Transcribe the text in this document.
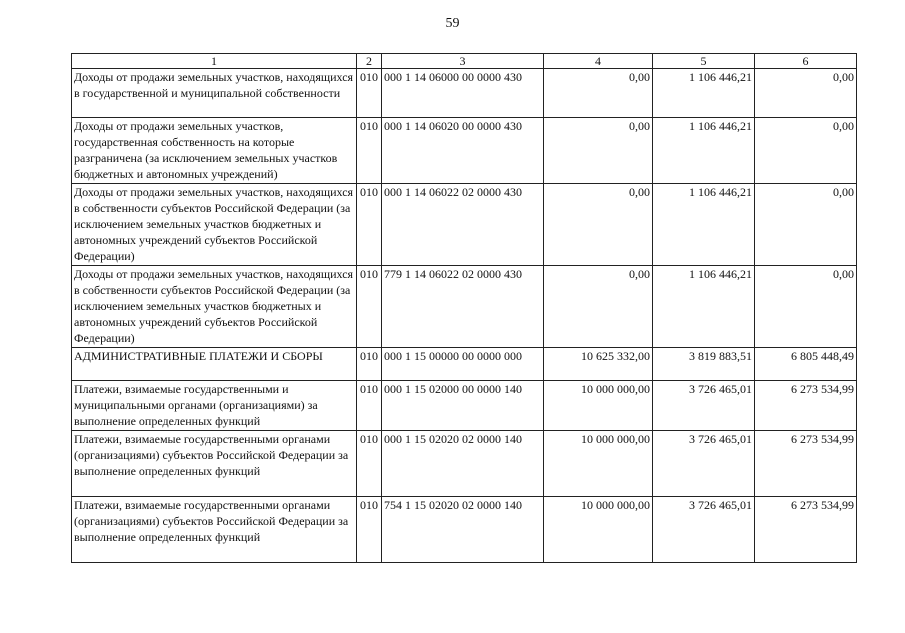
59
1	2	3	4	5	6
Доходы от продажи земельных участков, находящихся в государственной и муниципальной собственности	010	000 1 14 06000 00 0000 430	0,00	1 106 446,21	0,00
Доходы от продажи земельных участков, государственная собственность на которые разграничена (за исключением земельных участков бюджетных и автономных учреждений)	010	000 1 14 06020 00 0000 430	0,00	1 106 446,21	0,00
Доходы от продажи земельных участков, находящихся в собственности субъектов Российской Федерации (за исключением земельных участков бюджетных и автономных учреждений субъектов Российской Федерации)	010	000 1 14 06022 02 0000 430	0,00	1 106 446,21	0,00
Доходы от продажи земельных участков, находящихся в собственности субъектов Российской Федерации (за исключением земельных участков бюджетных и автономных учреждений субъектов Российской Федерации)	010	779 1 14 06022 02 0000 430	0,00	1 106 446,21	0,00
АДМИНИСТРАТИВНЫЕ ПЛАТЕЖИ И СБОРЫ	010	000 1 15 00000 00 0000 000	10 625 332,00	3 819 883,51	6 805 448,49
Платежи, взимаемые государственными и муниципальными органами (организациями) за выполнение определенных функций	010	000 1 15 02000 00 0000 140	10 000 000,00	3 726 465,01	6 273 534,99
Платежи, взимаемые государственными органами (организациями) субъектов Российской Федерации за выполнение определенных функций	010	000 1 15 02020 02 0000 140	10 000 000,00	3 726 465,01	6 273 534,99
Платежи, взимаемые государственными органами (организациями) субъектов Российской Федерации за выполнение определенных функций	010	754 1 15 02020 02 0000 140	10 000 000,00	3 726 465,01	6 273 534,99
